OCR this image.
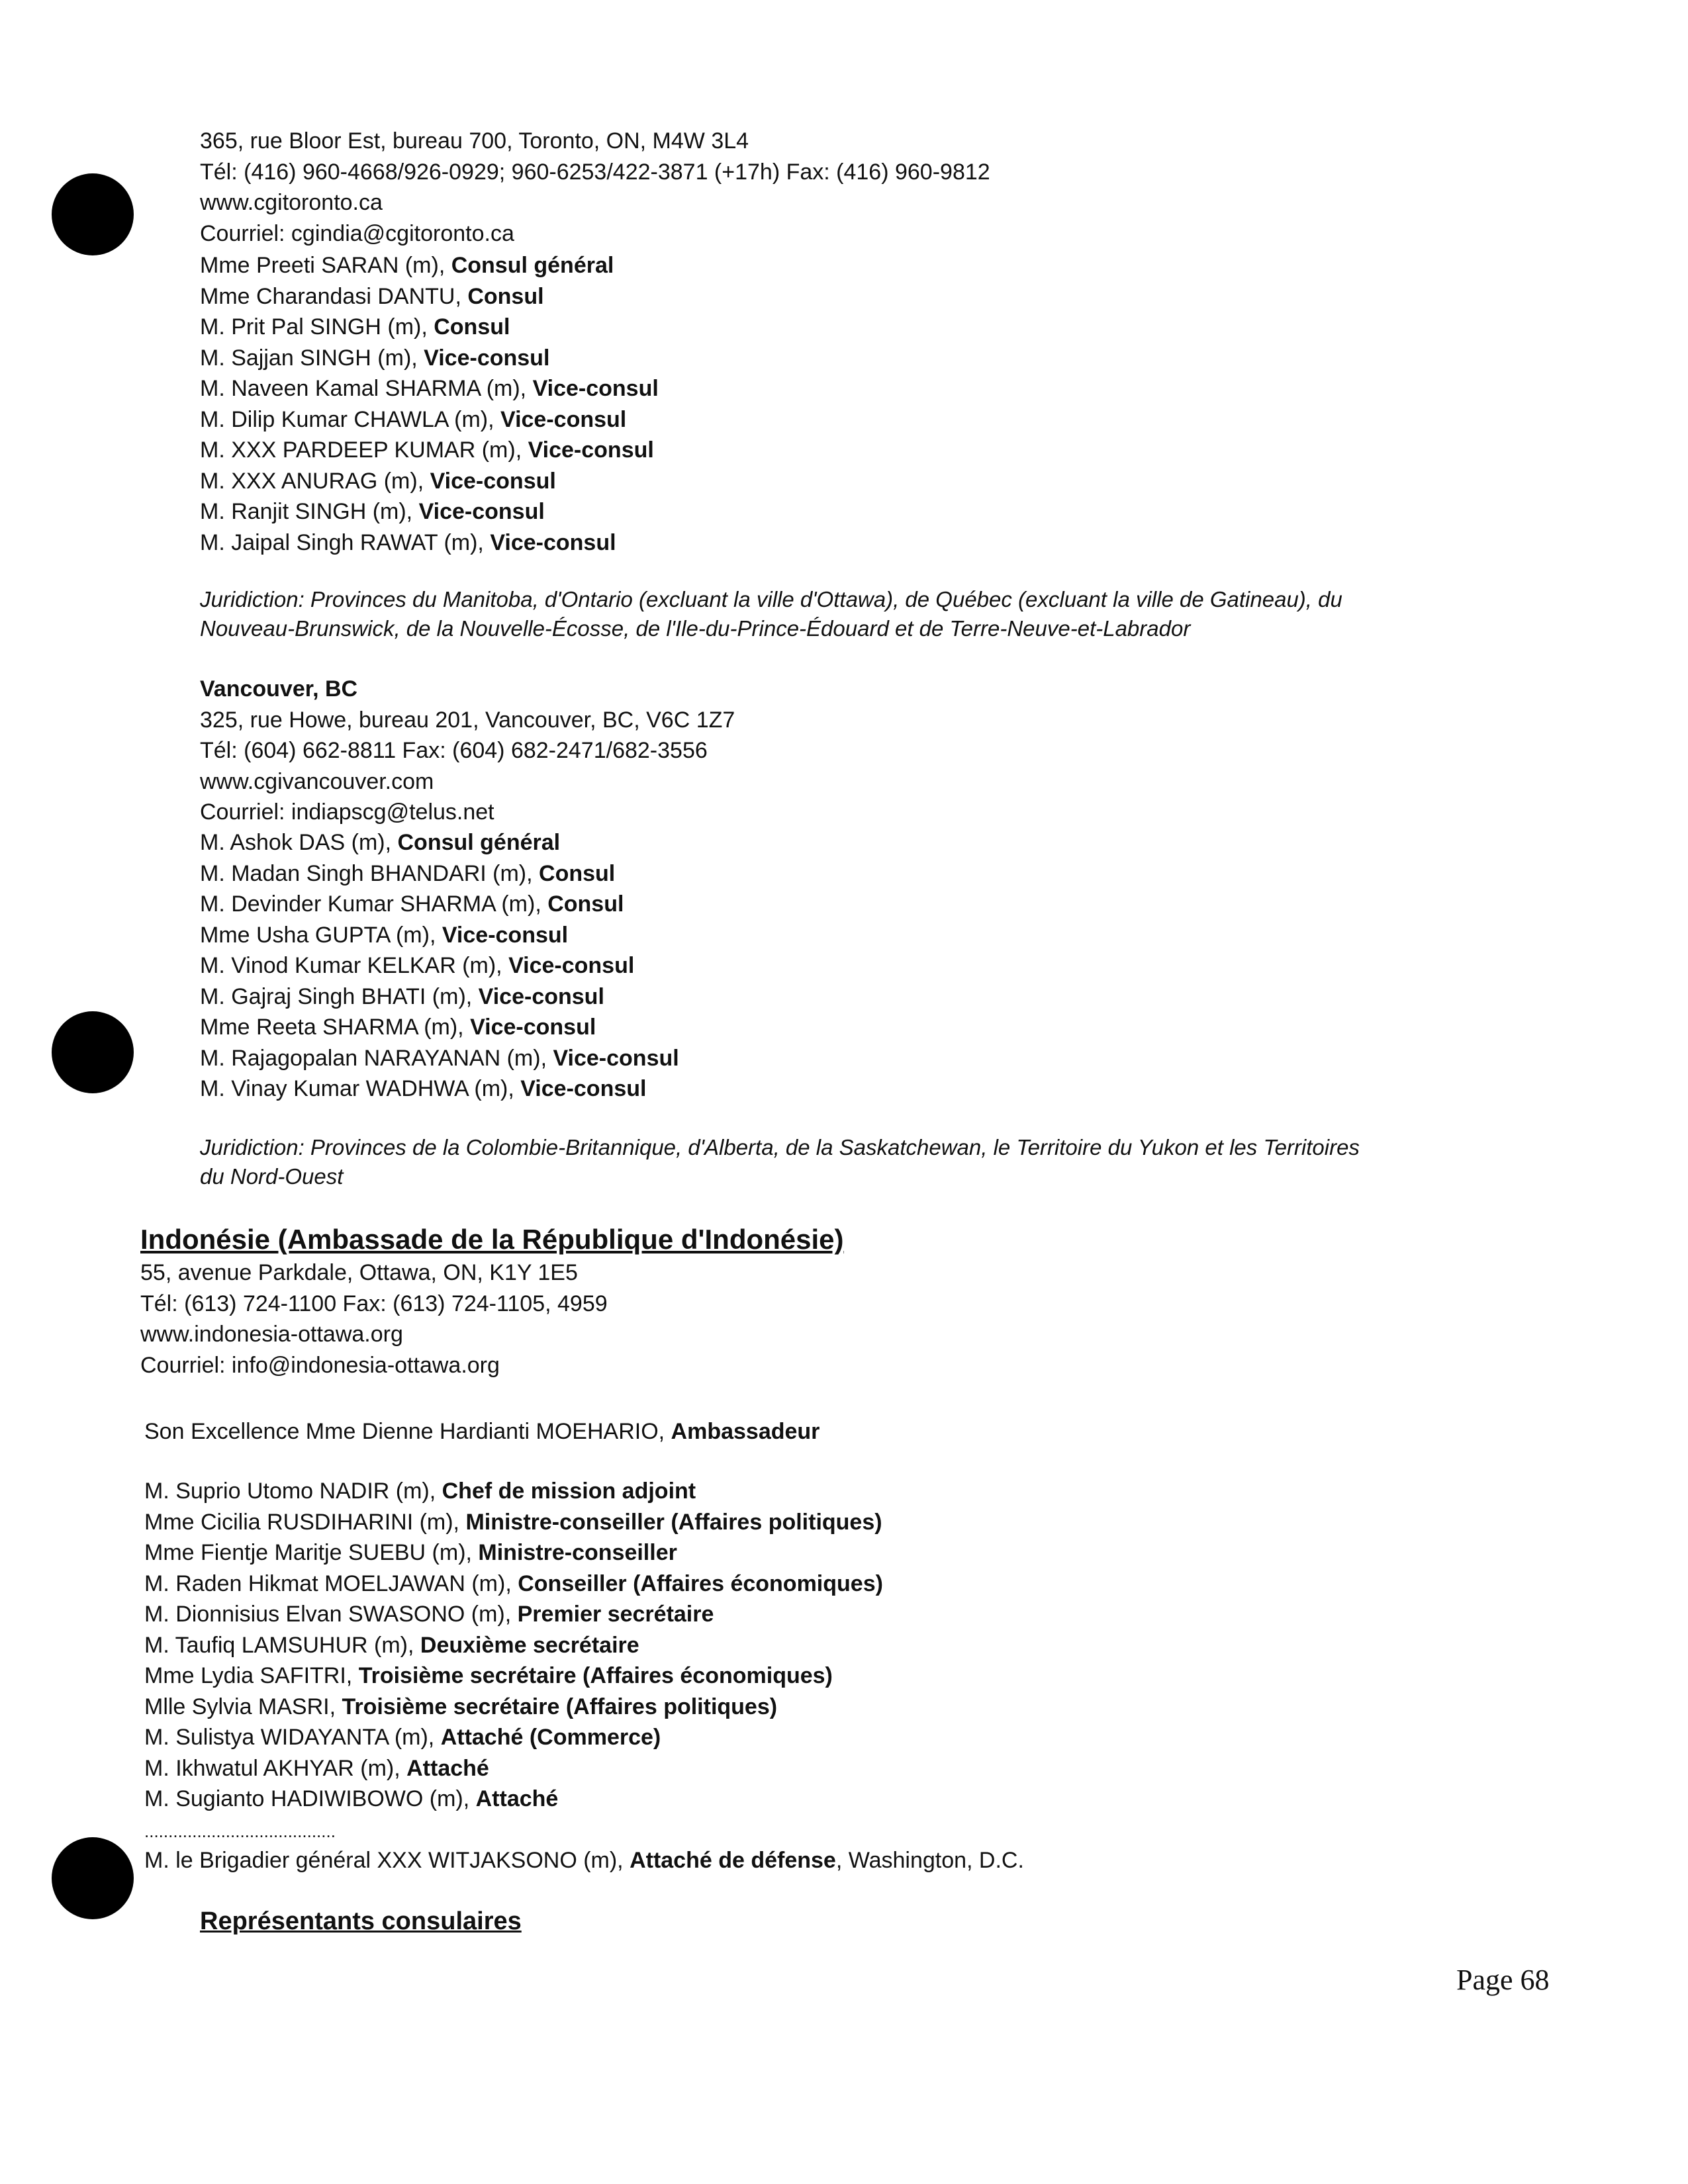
365, rue Bloor Est, bureau 700, Toronto, ON, M4W 3L4
Tél: (416) 960-4668/926-0929; 960-6253/422-3871 (+17h) Fax: (416) 960-9812
www.cgitoronto.ca
Courriel: cgindia@cgitoronto.ca
Mme Preeti SARAN (m), Consul général
Mme Charandasi DANTU, Consul
M. Prit Pal SINGH (m), Consul
M. Sajjan SINGH (m), Vice-consul
M. Naveen Kamal SHARMA (m), Vice-consul
M. Dilip Kumar CHAWLA (m), Vice-consul
M. XXX PARDEEP KUMAR (m), Vice-consul
M. XXX ANURAG (m), Vice-consul
M. Ranjit SINGH (m), Vice-consul
M. Jaipal Singh RAWAT (m), Vice-consul
Juridiction: Provinces du Manitoba, d'Ontario (excluant la ville d'Ottawa), de Québec (excluant la ville de Gatineau), du
Nouveau-Brunswick, de la Nouvelle-Écosse, de l'Ile-du-Prince-Édouard et de Terre-Neuve-et-Labrador
Vancouver, BC
325, rue Howe, bureau 201, Vancouver, BC, V6C 1Z7
Tél: (604) 662-8811 Fax: (604) 682-2471/682-3556
www.cgivancouver.com
Courriel: indiapscg@telus.net
M. Ashok DAS (m), Consul général
M. Madan Singh BHANDARI (m), Consul
M. Devinder Kumar SHARMA (m), Consul
Mme Usha GUPTA (m), Vice-consul
M. Vinod Kumar KELKAR (m), Vice-consul
M. Gajraj Singh BHATI (m), Vice-consul
Mme Reeta SHARMA (m), Vice-consul
M. Rajagopalan NARAYANAN (m), Vice-consul
M. Vinay Kumar WADHWA (m), Vice-consul
Juridiction: Provinces de la Colombie-Britannique, d'Alberta, de la Saskatchewan, le Territoire du Yukon et les Territoires
du Nord-Ouest
Indonésie (Ambassade de la République d'Indonésie)
55, avenue Parkdale, Ottawa, ON, K1Y 1E5
Tél: (613) 724-1100 Fax: (613) 724-1105, 4959
www.indonesia-ottawa.org
Courriel: info@indonesia-ottawa.org
Son Excellence Mme Dienne Hardianti MOEHARIO, Ambassadeur
M. Suprio Utomo NADIR (m), Chef de mission adjoint
Mme Cicilia RUSDIHARINI (m), Ministre-conseiller (Affaires politiques)
Mme Fientje Maritje SUEBU (m), Ministre-conseiller
M. Raden Hikmat MOELJAWAN (m), Conseiller (Affaires économiques)
M. Dionnisius Elvan SWASONO (m), Premier secrétaire
M. Taufiq LAMSUHUR (m), Deuxième secrétaire
Mme Lydia SAFITRI, Troisième secrétaire (Affaires économiques)
Mlle Sylvia MASRI, Troisième secrétaire (Affaires politiques)
M. Sulistya WIDAYANTA (m), Attaché (Commerce)
M. Ikhwatul AKHYAR (m), Attaché
M. Sugianto HADIWIBOWO (m), Attaché
........................................
M. le Brigadier général XXX WITJAKSONO (m), Attaché de défense, Washington, D.C.
Représentants consulaires
Page 68
